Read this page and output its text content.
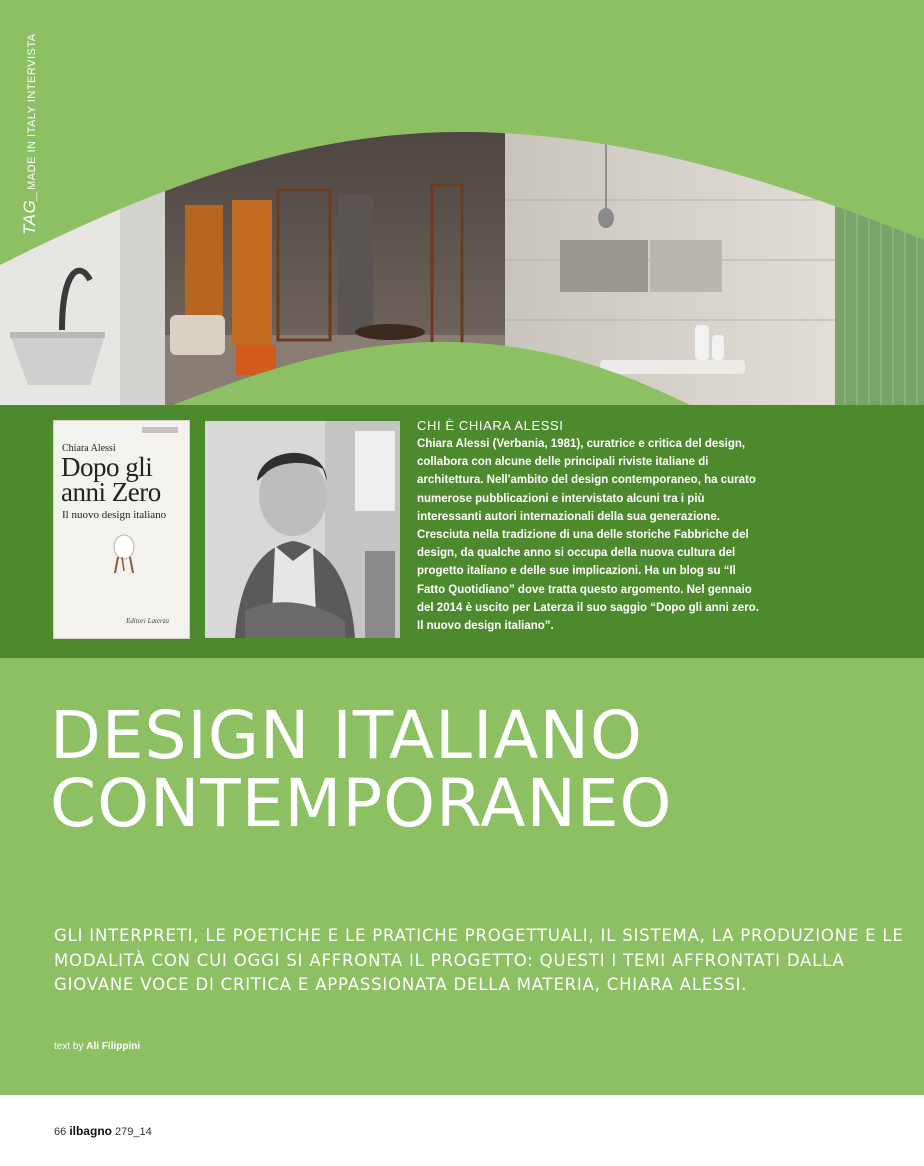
TAG_MADE IN ITALY INTERVISTA
Chiara Alessi
Dopo gli anni Zero
Il nuovo design italiano
Editori Laterza

CHI È CHIARA ALESSI

Chiara Alessi (Verbania, 1981), curatrice e critica del design, collabora con alcune delle principali riviste italiane di architettura. Nell'ambito del design contemporaneo, ha curato numerose pubblicazioni e intervistato alcuni tra i più interessanti autori internazionali della sua generazione. Cresciuta nella tradizione di una delle storiche Fabbriche del design, da qualche anno si occupa della nuova cultura del progetto italiano e delle sue implicazioni. Ha un blog su “Il Fatto Quotidiano” dove tratta questo argomento. Nel gennaio del 2014 è uscito per Laterza il suo saggio “Dopo gli anni zero. Il nuovo design italiano”.

DESIGN ITALIANO
CONTEMPORANEO

GLI INTERPRETI, LE POETICHE E LE PRATICHE PROGETTUALI, IL SISTEMA, LA PRODUZIONE E LE MODALITÀ CON CUI OGGI SI AFFRONTA IL PROGETTO: QUESTI I TEMI AFFRONTATI DALLA GIOVANE VOCE DI CRITICA E APPASSIONATA DELLA MATERIA, CHIARA ALESSI.

text by Ali Filippini
66 ilbagno 279_14
